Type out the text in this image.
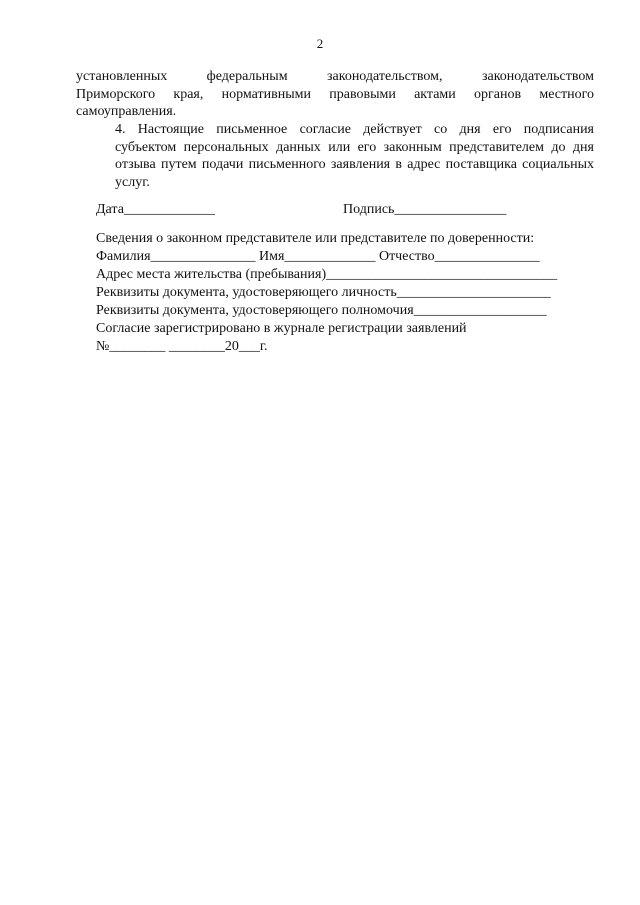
2
установленных федеральным законодательством, законодательством
Приморского края, нормативными правовыми актами органов местного
самоуправления.
4. Настоящие письменное согласие действует со дня его подписания
субъектом персональных данных или его законным представителем до дня
отзыва путем подачи письменного заявления в адрес поставщика социальных
услуг.
Дата_____________	Подпись________________
Сведения о законном представителе или представителе по доверенности:
Фамилия_______________ Имя_____________ Отчество_______________
Адрес места жительства (пребывания)_________________________________
Реквизиты документа, удостоверяющего личность______________________
Реквизиты документа, удостоверяющего полномочия___________________
Согласие зарегистрировано в журнале регистрации заявлений
№________ ________20___г.
